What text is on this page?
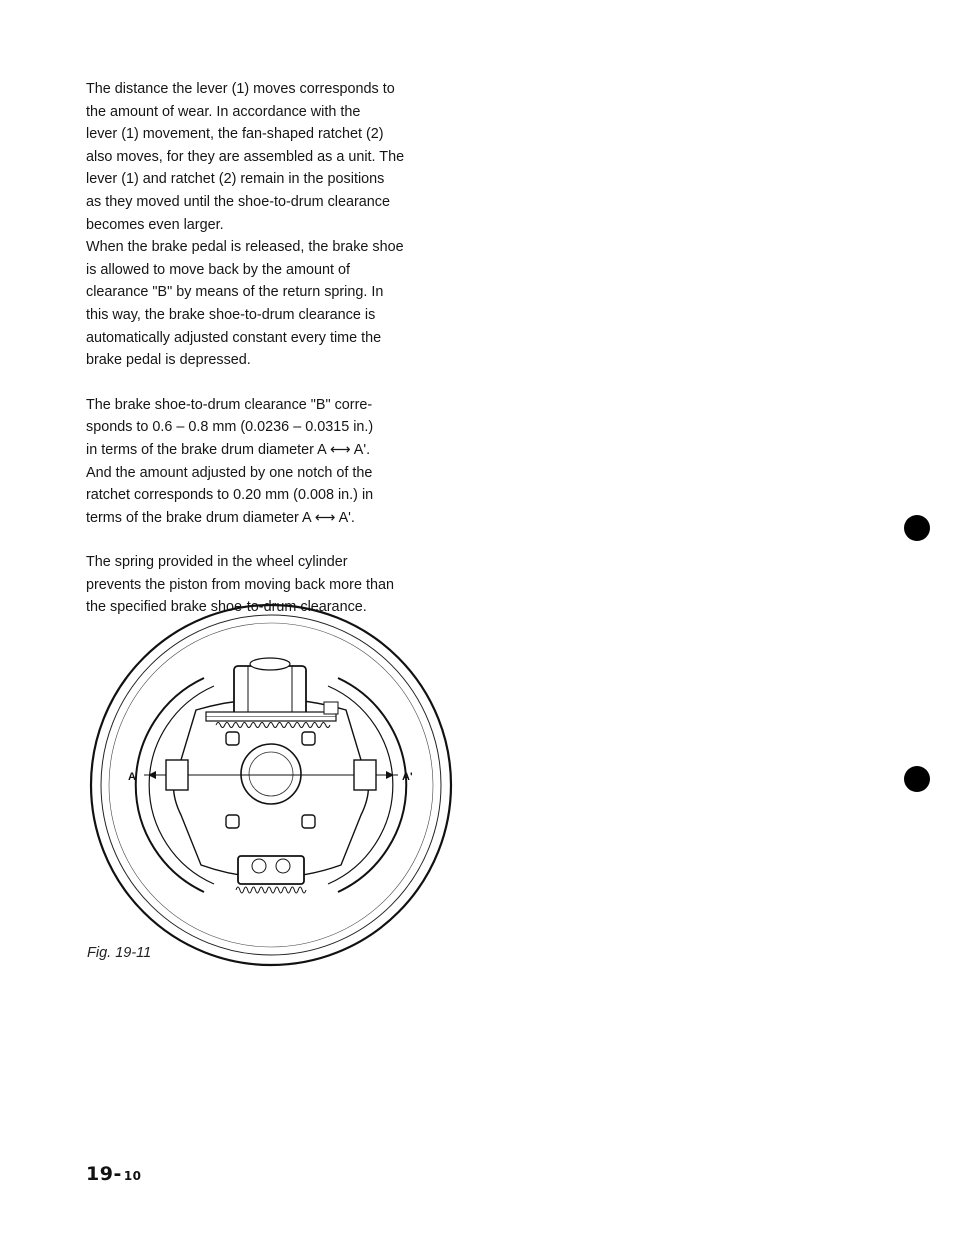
The distance the lever (1) moves corresponds to
the amount of wear. In accordance with the
lever (1) movement, the fan-shaped ratchet (2)
also moves, for they are assembled as a unit. The
lever (1) and ratchet (2) remain in the positions
as they moved until the shoe-to-drum clearance
becomes even larger.
When the brake pedal is released, the brake shoe
is allowed to move back by the amount of
clearance "B" by means of the return spring. In
this way, the brake shoe-to-drum clearance is
automatically adjusted constant every time the
brake pedal is depressed.

The brake shoe-to-drum clearance "B" corre-
sponds to 0.6 – 0.8 mm (0.0236 – 0.0315 in.)
in terms of the brake drum diameter A ⟷ A'.
And the amount adjusted by one notch of the
ratchet corresponds to 0.20 mm (0.008 in.) in
terms of the brake drum diameter A ⟷ A'.

The spring provided in the wheel cylinder
prevents the piston from moving back more than
the specified brake shoe-to-drum clearance.

A	A'
Fig. 19-11
19- 10
